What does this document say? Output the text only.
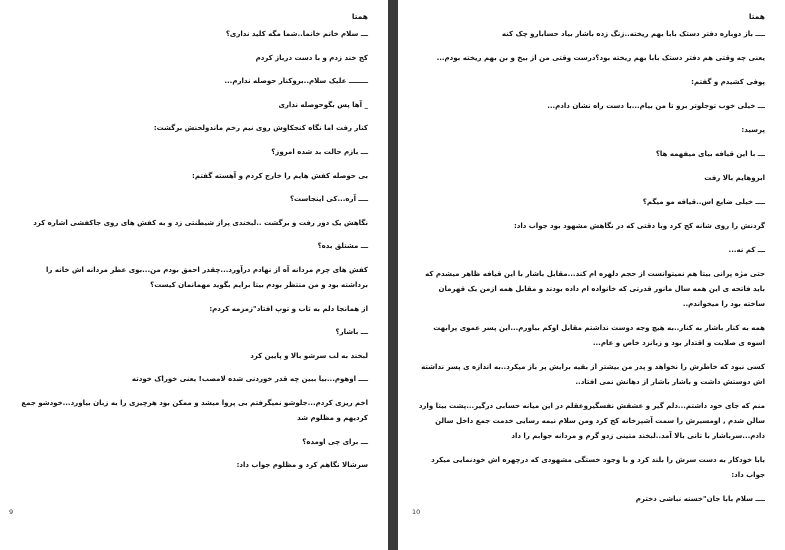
همتا

ـــ سلام خانم خانما..شما مگه کلید نداری؟

کج خند زدم و با دست درباز کردم

ــــــــ علیک سلام..بروکنار حوصله ندارم...

_ آها پس بگوحوصله نداری

کنار رفت اما نگاه کنجکاوش روی نیم رخم ماندولحنش برگشت:

ـــ بازم حالت بد شده امروز؟

بی حوصله کفش هایم را خارج کردم و آهسته گفتم:

ــــ آره...کی اینجاست؟

نگاهش یک دور رفت و برگشت ..لبخندی پراز شیطنتی زد و به کفش های روی جاکفشی اشاره کرد

ـــ مشتلق بده؟

کفش های چرم مردانه آه از نهادم درآورد...چقدر احمق بودم من...بوی عطر مردانه اش خانه را برداشته بود و من منتظر بودم بیتا برایم بگوید مهمانمان کیست؟

از همانجا دلم به تاب و توپ افتاد"زمزمه کردم:

ـــ باشار؟

لبخند به لب سرشو بالا و پایین کرد

ــــ اوهوم...بیا ببین چه قدر خوردنی شده لامصب! یعنی خوراک خودته

اخم ریزی کردم...جلوشو نمیگرفتم بی پروا میشد و ممکن بود هرچیزی را به زبان بیاورد...خودشو جمع کردیهم و مظلوم شد

ـــ برای چی اومده؟

سرشالا نگاهم کرد و مظلوم جواب داد:

9
همتا

ــــ باز دوباره دفتر دستک بابا بهم ریخته..زنگ زده باشار بیاد حسابارو چک کنه

یعنی چه وقتی هم دفتر دستک بابا بهم ریخته بود؟درست وقتی من از بیخ و بن بهم ریخته بودم...

پوفی کشیدم و گفتم:

ـــ خیلی خوب توجلوتر برو تا من بیام...با دست راه نشان دادم...

پرسید:

ـــ با این قیافه بیای میفهمه ها؟

ابروهایم بالا رفت

ــــ خیلی ضایع اس..قیافه مو میگم؟

گردنش را روی شانه کج کرد وبا دقتی که در نگاهش مشهود بود جواب داد:

ـــ کم نه...

حتی مژه پرانی بیتا هم نمیتوانست از حجم دلهره ام کند...مقابل باشار با این قیافه ظاهر میشدم که باید فاتحه ی این همه سال مانور قدرتی که خانواده ام داده بودند و مقابل همه ازمن یک قهرمان ساخته بود را میخواندم..

همه به کنار باشار به کنار..به هیچ وجه دوست نداشتم مقابل اوکم بیاورم...این پسر عموی پرابهت اسوه ی صلابت و اقتدار بود و زبانزد خاص و عام...

کسی نبود که خاطرش را نخواهد و پدر من بیشتر از بقیه برایش پر باز میکرد..به اندازه ی پسر نداشته اش دوستش داشت و باشار باشار از دهانش نمی افتاد..

منم که جای خود داشتم...دلم گیر و عشقش نفسگیروعقلم در این میانه حسابی درگیر...پشت بیتا وارد سالن شدم , اومسیرش را سمت آشپزخانه کج کرد ومن سلام نیمه رسایی خدمت جمع داخل سالن دادم...سرباشار با تانی بالا آمد..لبخند متینی زدو گرم و مردانه جوابم را داد

بابا خودکار به دست سرش را بلند کرد و با وجود خستگی مشهودی که درچهره اش خودنمایی میکرد جواب داد:

ــــ سلام بابا جان"خسته نباشی دخترم

10
